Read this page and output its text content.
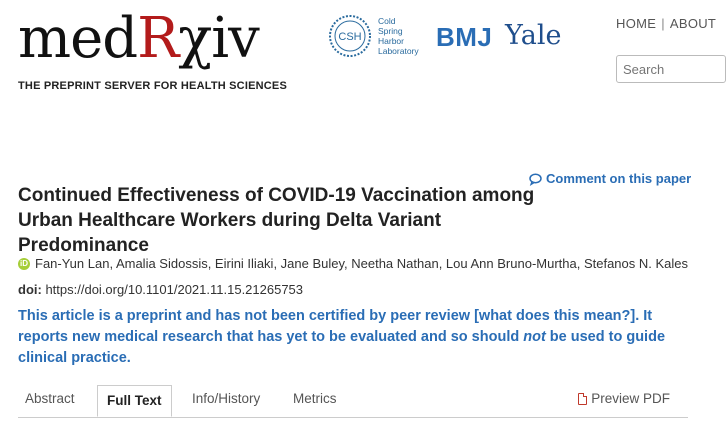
medRχiv
THE PREPRINT SERVER FOR HEALTH SCIENCES
CSH
Cold
Spring
Harbor
Laboratory BMJ Yale	HOME | ABOUT
Search
Comment on this paper
Continued Effectiveness of COVID-19 Vaccination among Urban Healthcare Workers during Delta Variant Predominance
iD Fan-Yun Lan, Amalia Sidossis, Eirini Iliaki, Jane Buley, Neetha Nathan, Lou Ann Bruno-Murtha, Stefanos N. Kales
doi: https://doi.org/10.1101/2021.11.15.21265753
This article is a preprint and has not been certified by peer review [what does this mean?]. It reports new medical research that has yet to be evaluated and so should not be used to guide clinical practice.
Abstract	Full Text	Info/History Metrics	Preview PDF
